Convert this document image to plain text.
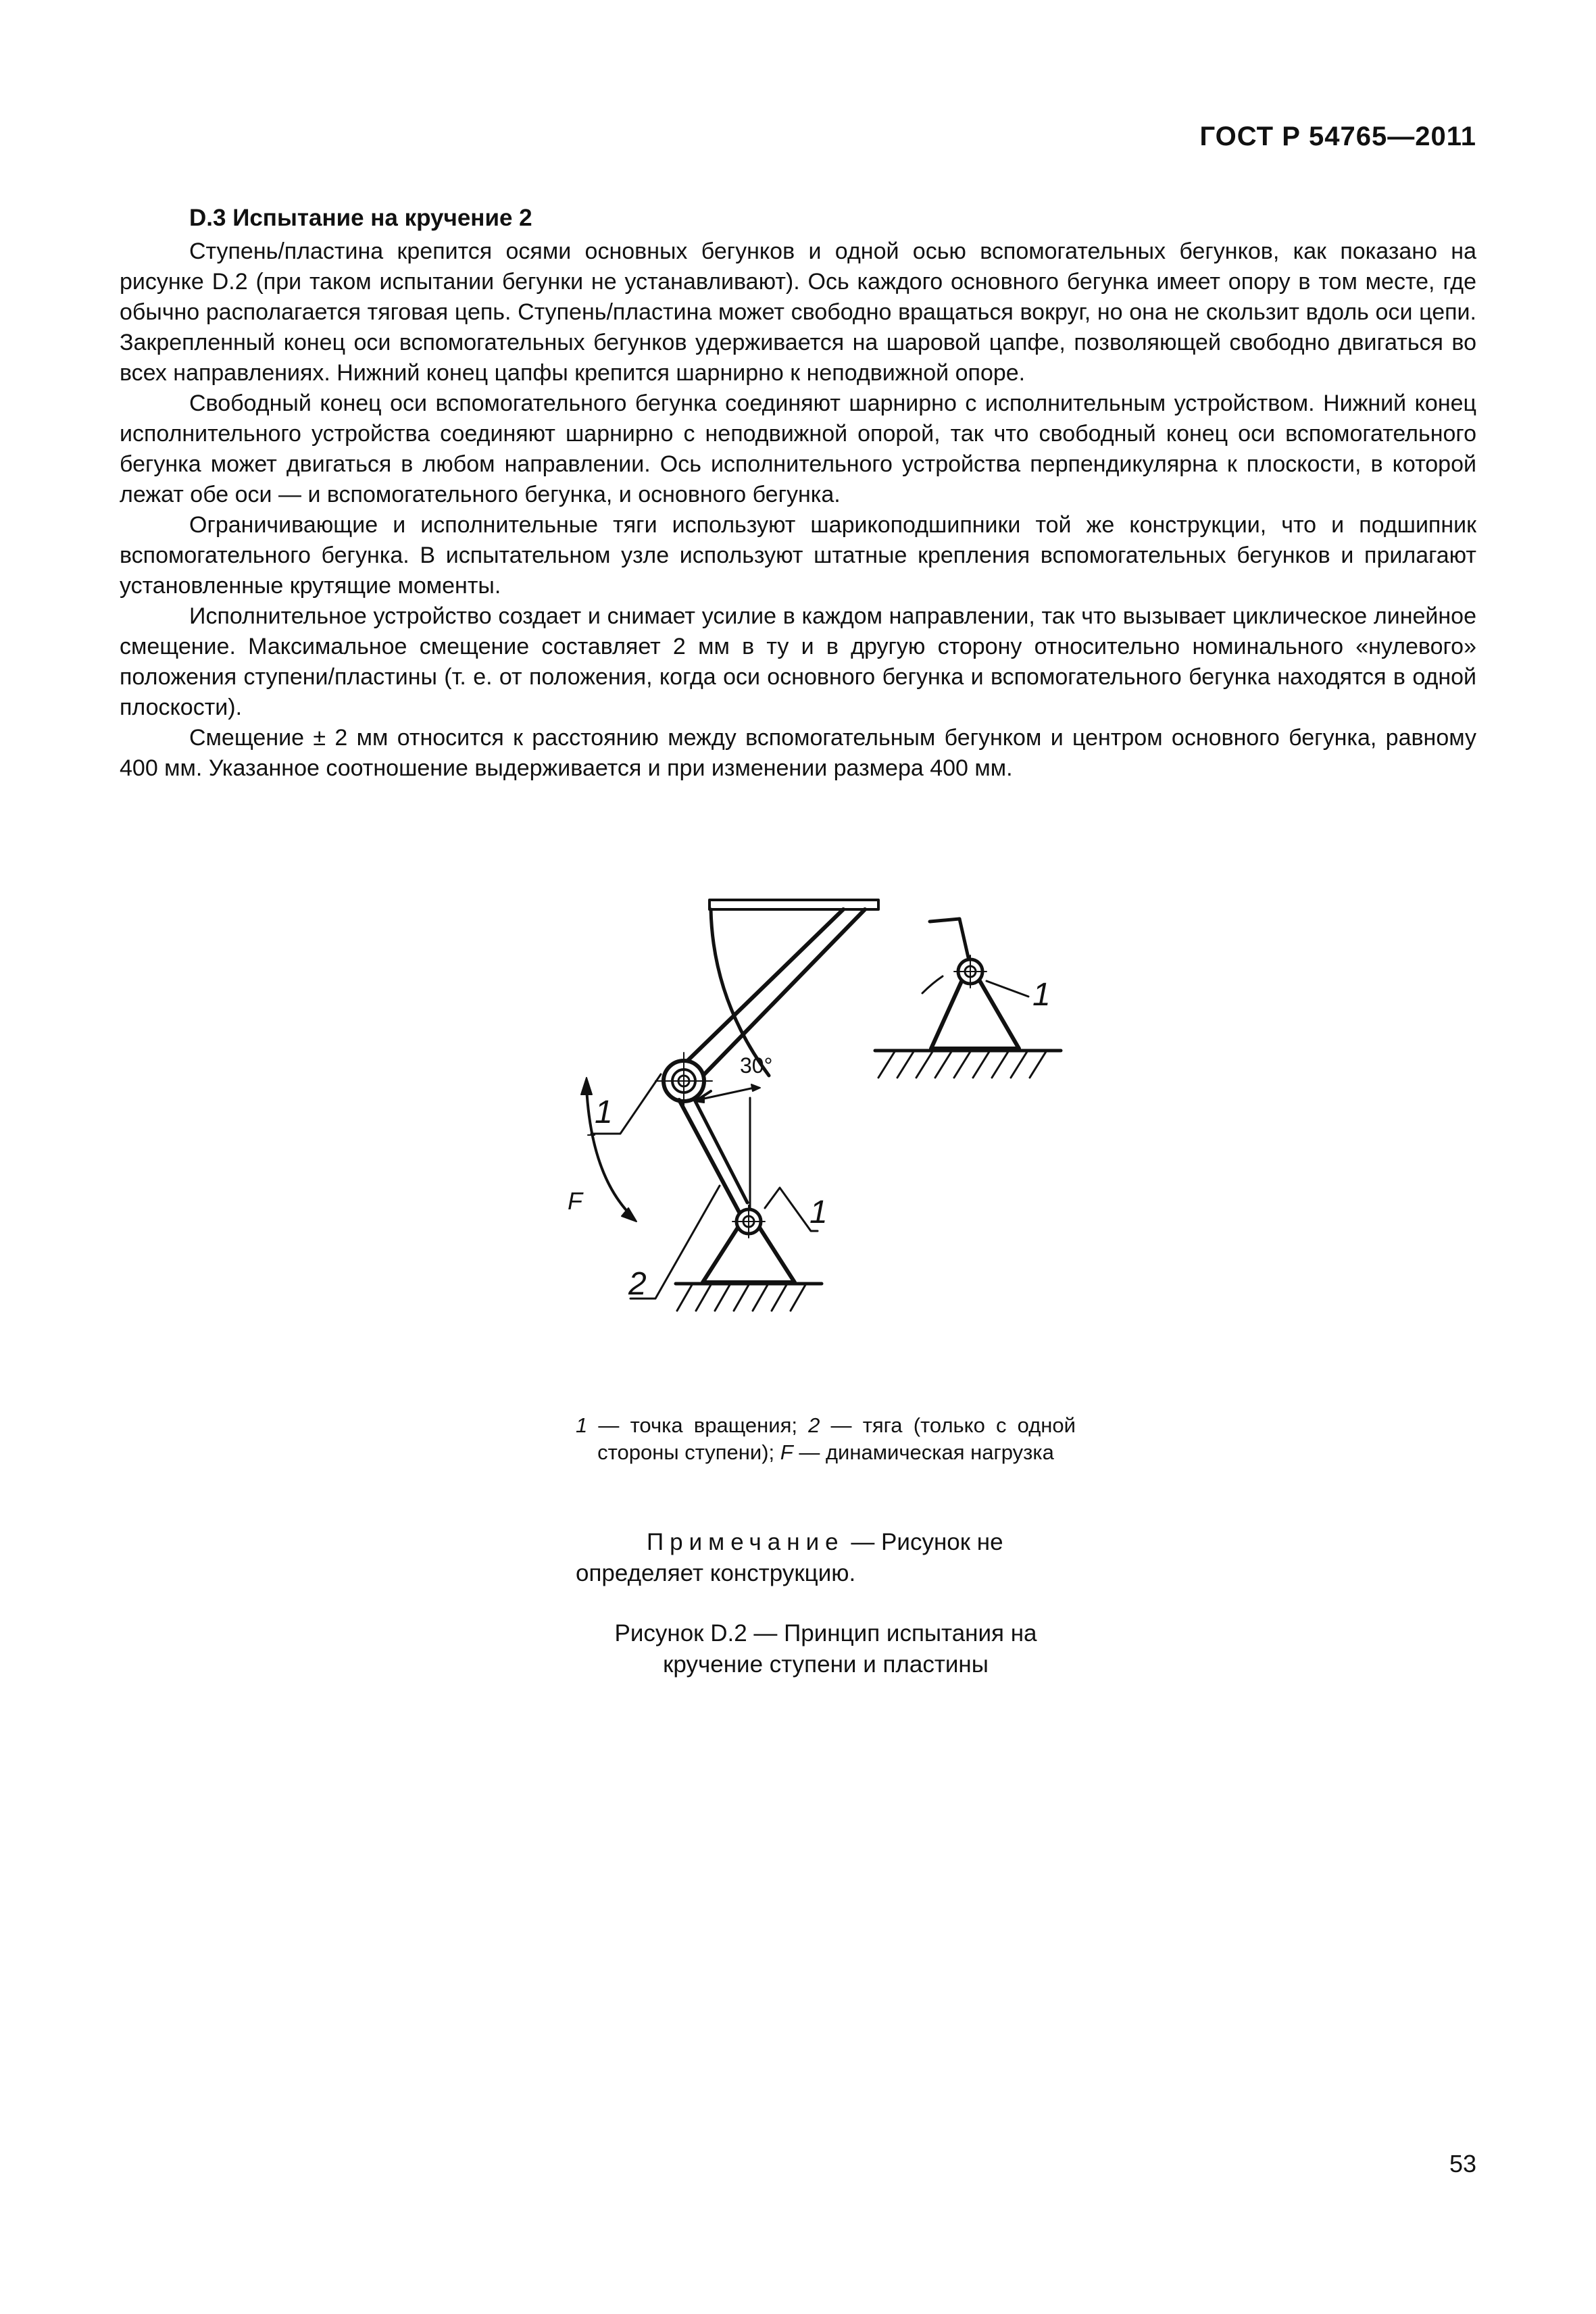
ГОСТ Р 54765—2011
D.3 Испытание на кручение 2

Ступень/пластина крепится осями основных бегунков и одной осью вспомогательных бегунков, как показано на рисунке D.2 (при таком испытании бегунки не устанавливают). Ось каждого основного бегунка имеет опору в том месте, где обычно располагается тяговая цепь. Ступень/пластина может свободно вращаться вокруг, но она не скользит вдоль оси цепи. Закрепленный конец оси вспомогательных бегунков удерживается на шаровой цапфе, позволяющей свободно двигаться во всех направлениях. Нижний конец цапфы крепится шарнирно к неподвижной опоре.

Свободный конец оси вспомогательного бегунка соединяют шарнирно с исполнительным устройством. Нижний конец исполнительного устройства соединяют шарнирно с неподвижной опорой, так что свободный конец оси вспомогательного бегунка может двигаться в любом направлении. Ось исполнительного устройства перпендикулярна к плоскости, в которой лежат обе оси — и вспомогательного бегунка, и основного бегунка.

Ограничивающие и исполнительные тяги используют шарикоподшипники той же конструкции, что и подшипник вспомогательного бегунка. В испытательном узле используют штатные крепления вспомогательных бегунков и прилагают установленные крутящие моменты.

Исполнительное устройство создает и снимает усилие в каждом направлении, так что вызывает циклическое линейное смещение. Максимальное смещение составляет 2 мм в ту и в другую сторону относительно номинального «нулевого» положения ступени/пластины (т. е. от положения, когда оси основного бегунка и вспомогательного бегунка находятся в одной плоскости).

Смещение ± 2 мм относится к расстоянию между вспомогательным бегунком и центром основного бегунка, равному 400 мм. Указанное соотношение выдерживается и при изменении размера 400 мм.

1
1
1
2
F
30°
1 — точка вращения; 2 — тяга (только с одной стороны ступени); F — динамическая нагрузка
Примечание — Рисунок не определяет конструкцию.
Рисунок D.2 — Принцип испытания на кручение ступени и пластины
53
